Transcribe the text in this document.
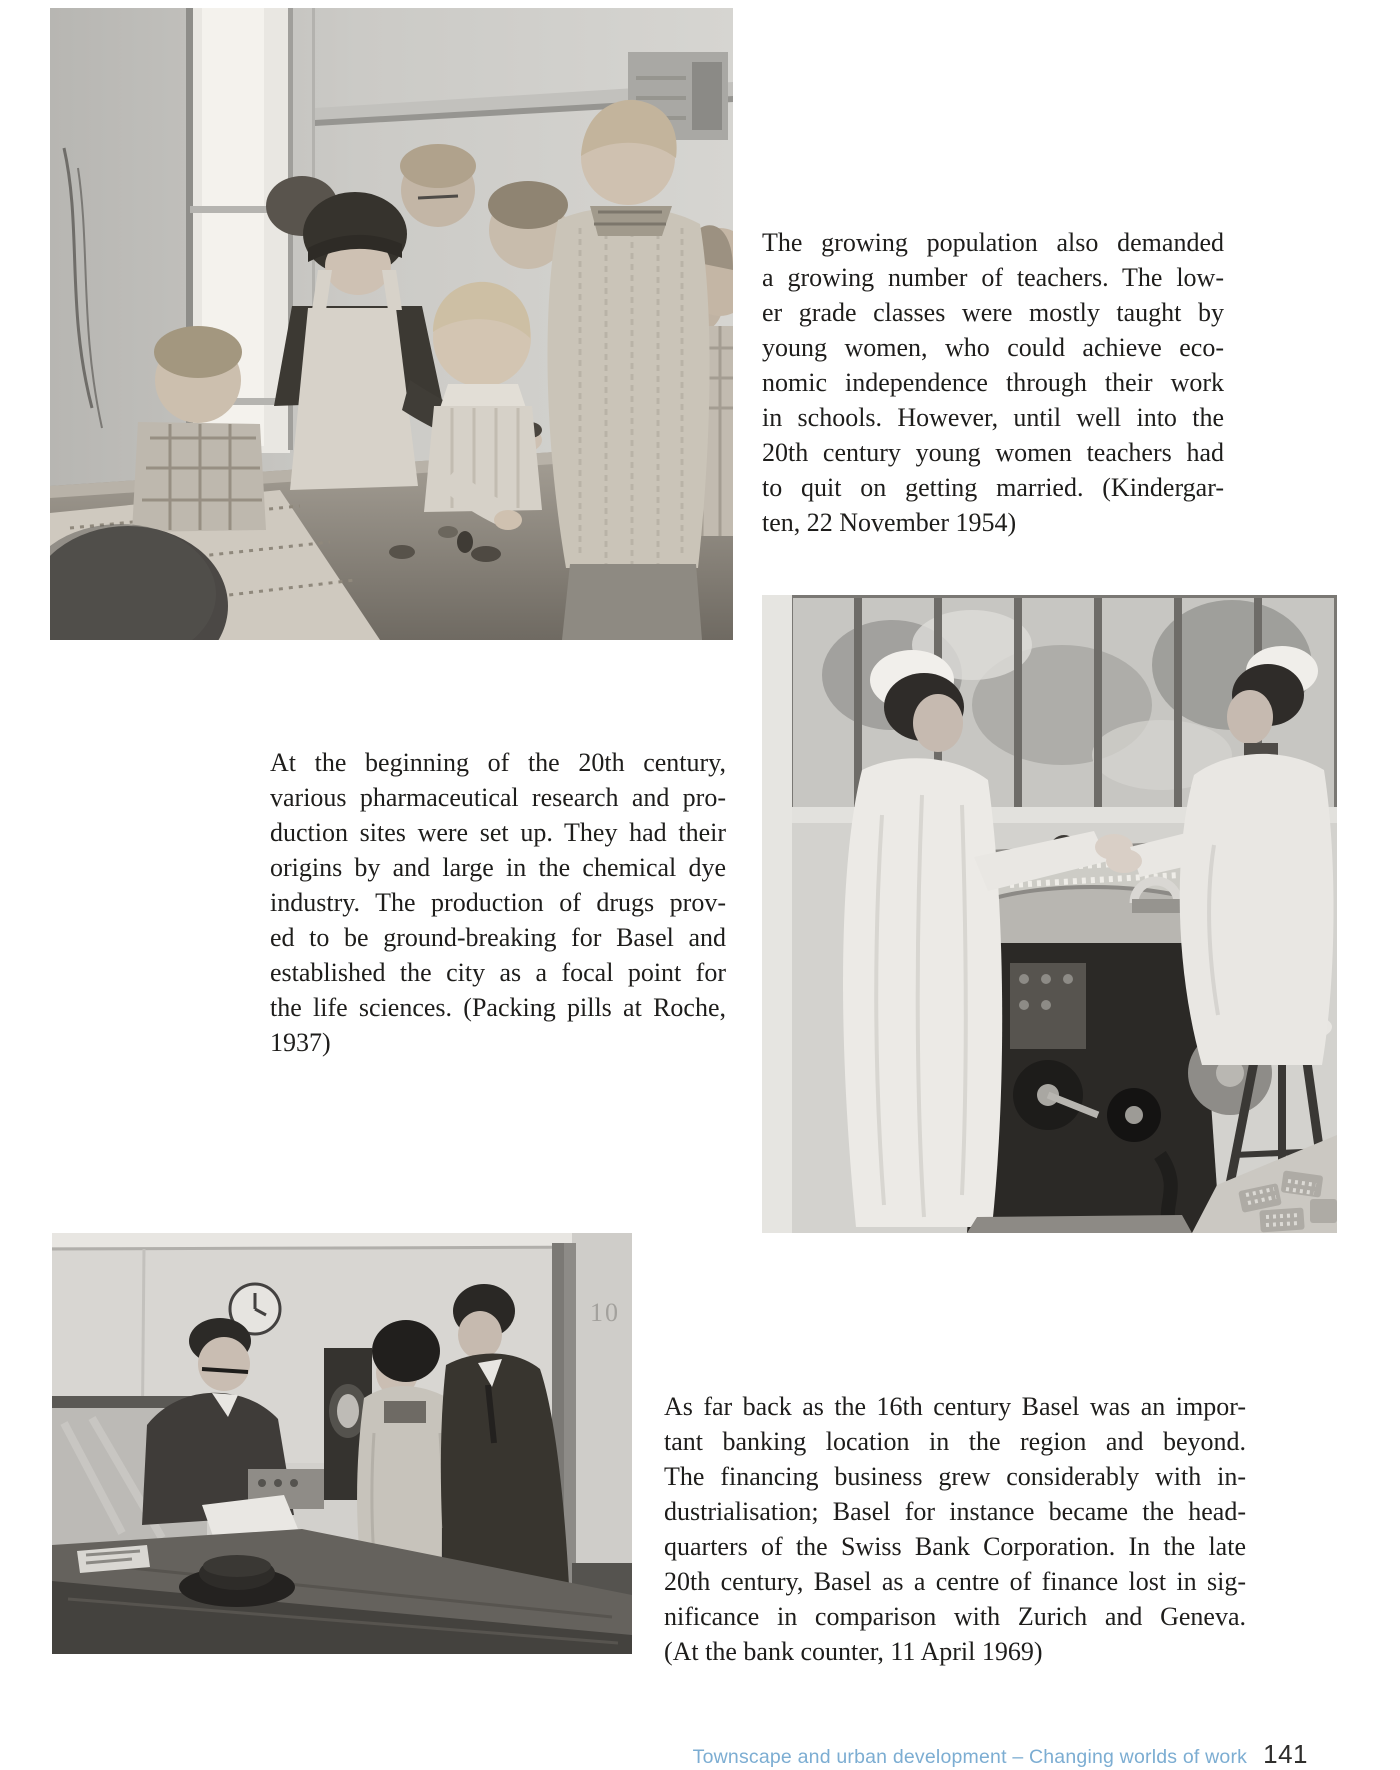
The growing population also demanded
a growing number of teachers. The low-
er grade classes were mostly taught by
young women, who could achieve eco-
nomic independence through their work
in schools. However, until well into the
20th century young women teachers had
to quit on getting married. (Kindergar-
ten, 22 November 1954)
At the beginning of the 20th century,
various pharmaceutical research and pro-
duction sites were set up. They had their
origins by and large in the chemical dye
industry. The production of drugs prov-
ed to be ground-breaking for Basel and
established the city as a focal point for
the life sciences. (Packing pills at Roche,
1937)
10
As far back as the 16th century Basel was an impor-
tant banking location in the region and beyond.
The financing business grew considerably with in-
dustrialisation; Basel for instance became the head-
quarters of the Swiss Bank Corporation. In the late
20th century, Basel as a centre of finance lost in sig-
nificance in comparison with Zurich and Geneva.
(At the bank counter, 11 April 1969)
Townscape and urban development – Changing worlds of work 141
